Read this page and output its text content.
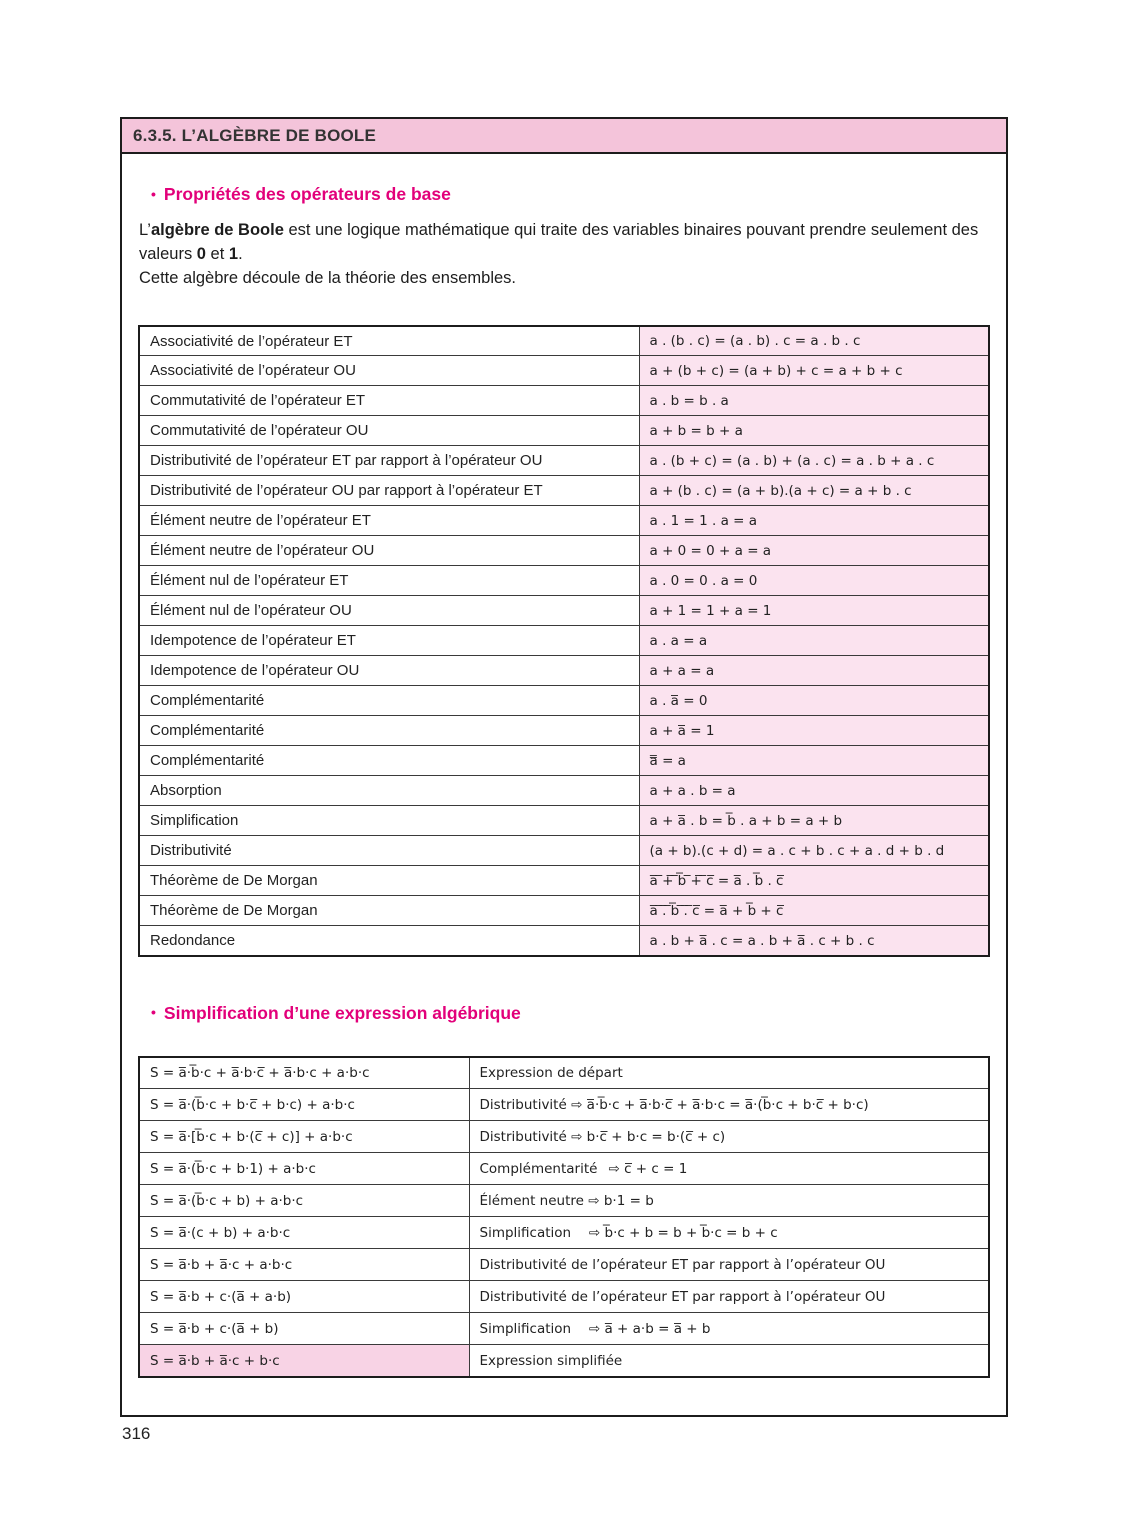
6.3.5. L’ALGÈBRE DE BOOLE
• Propriétés des opérateurs de base

L’algèbre de Boole est une logique mathématique qui traite des variables binaires pouvant prendre seulement des valeurs 0 et 1.
Cette algèbre découle de la théorie des ensembles.

Associativité de l’opérateur ET	a . (b . c) = (a . b) . c = a . b . c
Associativité de l’opérateur OU	a + (b + c) = (a + b) + c = a + b + c
Commutativité de l’opérateur ET	a . b = b . a
Commutativité de l’opérateur OU	a + b = b + a
Distributivité de l’opérateur ET par rapport à l’opérateur OU	a . (b + c) = (a . b) + (a . c) = a . b + a . c
Distributivité de l’opérateur OU par rapport à l’opérateur ET	a + (b . c) = (a + b).(a + c) = a + b . c
Élément neutre de l’opérateur ET	a . 1 = 1 . a = a
Élément neutre de l’opérateur OU	a + 0 = 0 + a = a
Élément nul de l’opérateur ET	a . 0 = 0 . a = 0
Élément nul de l’opérateur OU	a + 1 = 1 + a = 1
Idempotence de l’opérateur ET	a . a = a
Idempotence de l’opérateur OU	a + a = a
Complémentarité	a . a̅ = 0
Complémentarité	a + a̅ = 1
Complémentarité	a̿ = a
Absorption	a + a . b = a
Simplification	a + a̅ . b = b̅ . a + b = a + b
Distributivité	(a + b).(c + d) = a . c + b . c + a . d + b . d
Théorème de De Morgan	a̅ ̅+̅ ̅b̅ ̅+̅ ̅c̅ = a̅ . b̅ . c̅
Théorème de De Morgan	a̅ ̅.̅ ̅b̅ ̅.̅ ̅c̅ = a̅ + b̅ + c̅
Redondance	a . b + a̅ . c = a . b + a̅ . c + b . c
• Simplification d’une expression algébrique
S = a̅·b̅·c + a̅·b·c̅ + a̅·b·c + a·b·c	Expression de départ
S = a̅·(b̅·c + b·c̅ + b·c) + a·b·c	Distributivité ⇨ a̅·b̅·c + a̅·b·c̅ + a̅·b·c = a̅·(b̅·c + b·c̅ + b·c)
S = a̅·[b̅·c + b·(c̅ + c)] + a·b·c	Distributivité ⇨ b·c̅ + b·c = b·(c̅ + c)
S = a̅·(b̅·c + b·1) + a·b·c	Complémentarité  ⇨ c̅ + c = 1
S = a̅·(b̅·c + b) + a·b·c	Élément neutre ⇨ b·1 = b
S = a̅·(c + b) + a·b·c	Simplification  ⇨ b̅·c + b = b + b̅·c = b + c
S = a̅·b + a̅·c + a·b·c	Distributivité de l’opérateur ET par rapport à l’opérateur OU
S = a̅·b + c·(a̅ + a·b)	Distributivité de l’opérateur ET par rapport à l’opérateur OU
S = a̅·b + c·(a̅ + b)	Simplification  ⇨ a̅ + a·b = a̅ + b
S = a̅·b + a̅·c + b·c	Expression simplifiée
316
